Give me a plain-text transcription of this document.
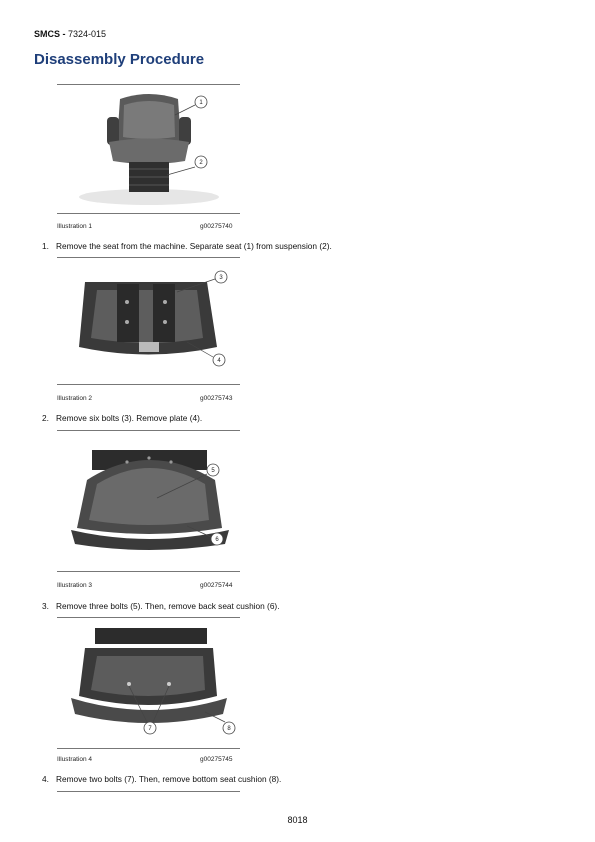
SMCS - 7324-015
Disassembly Procedure
1
2
Illustration 1	g00275740
1. Remove the seat from the machine. Separate seat (1) from suspension (2).
3
4
Illustration 2	g00275743
2. Remove six bolts (3). Remove plate (4).
5
6
Illustration 3	g00275744
3. Remove three bolts (5). Then, remove back seat cushion (6).
7	8
Illustration 4	g00275745
4. Remove two bolts (7). Then, remove bottom seat cushion (8).
8018
